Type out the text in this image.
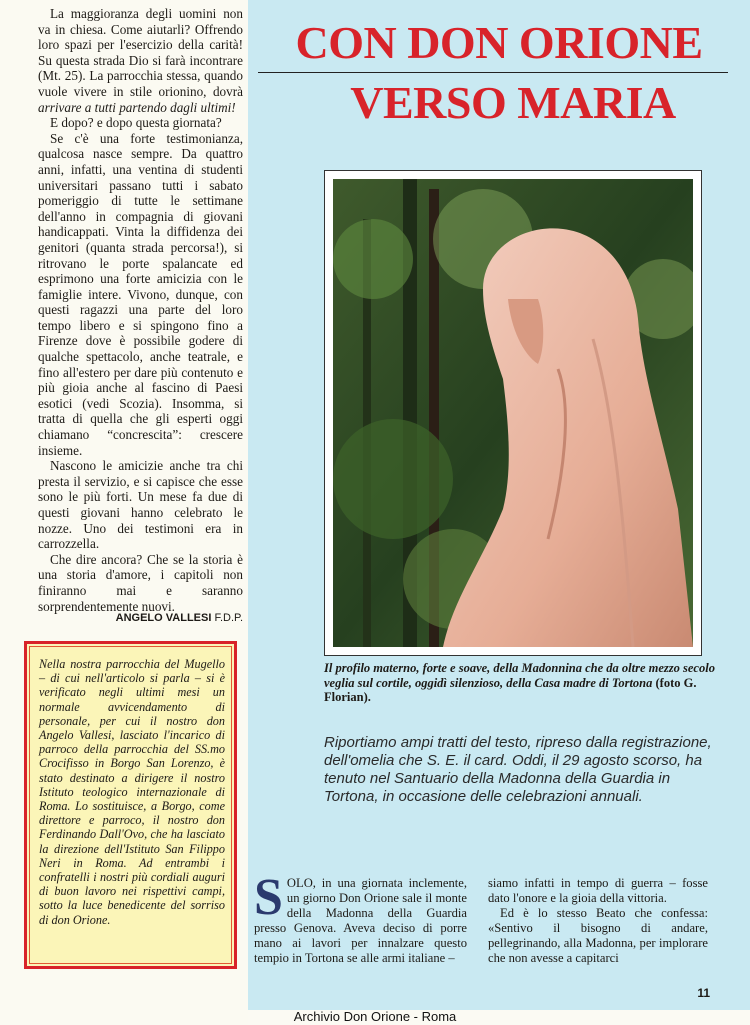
La maggioranza degli uomini non va in chiesa. Come aiutarli? Offrendo loro spazi per l'esercizio della carità! Su questa strada Dio si farà incontrare (Mt. 25). La parrocchia stessa, quando vuole vivere in stile orionino, dovrà arrivare a tutti partendo dagli ultimi!

E dopo? e dopo questa giornata?

Se c'è una forte testimonianza, qualcosa nasce sempre. Da quattro anni, infatti, una ventina di studenti universitari passano tutti i sabato pomeriggio di tutte le settimane dell'anno in compagnia di giovani handicappati. Vinta la diffidenza dei genitori (quanta strada percorsa!), si ritrovano le porte spalancate ed esprimono una forte amicizia con le famiglie intere. Vivono, dunque, con questi ragazzi una parte del loro tempo libero e si spingono fino a Firenze dove è possibile godere di qualche spettacolo, anche teatrale, e fino all'estero per dare più contenuto e più gioia anche al fascino di Paesi esotici (vedi Scozia). Insomma, si tratta di quella che gli esperti oggi chiamano “concrescita”: crescere insieme.

Nascono le amicizie anche tra chi presta il servizio, e si capisce che esse sono le più forti. Un mese fa due di questi giovani hanno celebrato le nozze. Uno dei testimoni era in carrozzella.

Che dire ancora? Che se la storia è una storia d'amore, i capitoli non finiranno mai e saranno sorprendentemente nuovi.

ANGELO VALLESI F.D.P.
Nella nostra parrocchia del Mugello – di cui nell'articolo si parla – si è verificato negli ultimi mesi un normale avvicendamento di personale, per cui il nostro don Angelo Vallesi, lasciato l'incarico di parroco della parrocchia del SS.mo Crocifisso in Borgo San Lorenzo, è stato destinato a dirigere il nostro Istituto teologico internazionale di Roma. Lo sostituisce, a Borgo, come direttore e parroco, il nostro don Ferdinando Dall'Ovo, che ha lasciato la direzione dell'Istituto San Filippo Neri in Roma. Ad entrambi i confratelli i nostri più cordiali auguri di buon lavoro nei rispettivi campi, sotto la luce benedicente del sorriso di don Orione.
CON DON ORIONE
VERSO MARIA
Il profilo materno, forte e soave, della Madonnina che da oltre mezzo secolo veglia sul cortile, oggidì silenzioso, della Casa madre di Tortona (foto G. Florian).
Riportiamo ampi tratti del testo, ripreso dalla registrazione, dell'omelia che S. E. il card. Oddi, il 29 agosto scorso, ha tenuto nel Santuario della Madonna della Guardia in Tortona, in occasione delle celebrazioni annuali.
S OLO, in una giornata inclemente, un giorno Don Orione sale il monte della Madonna della Guardia presso Genova. Aveva deciso di porre mano ai lavori per innalzare questo tempio in Tortona se alle armi italiane –

siamo infatti in tempo di guerra – fosse dato l'onore e la gioia della vittoria.

Ed è lo stesso Beato che confessa: «Sentivo il bisogno di andare, pellegrinando, alla Madonna, per implorare che non avesse a capitarci

11
Archivio Don Orione - Roma
